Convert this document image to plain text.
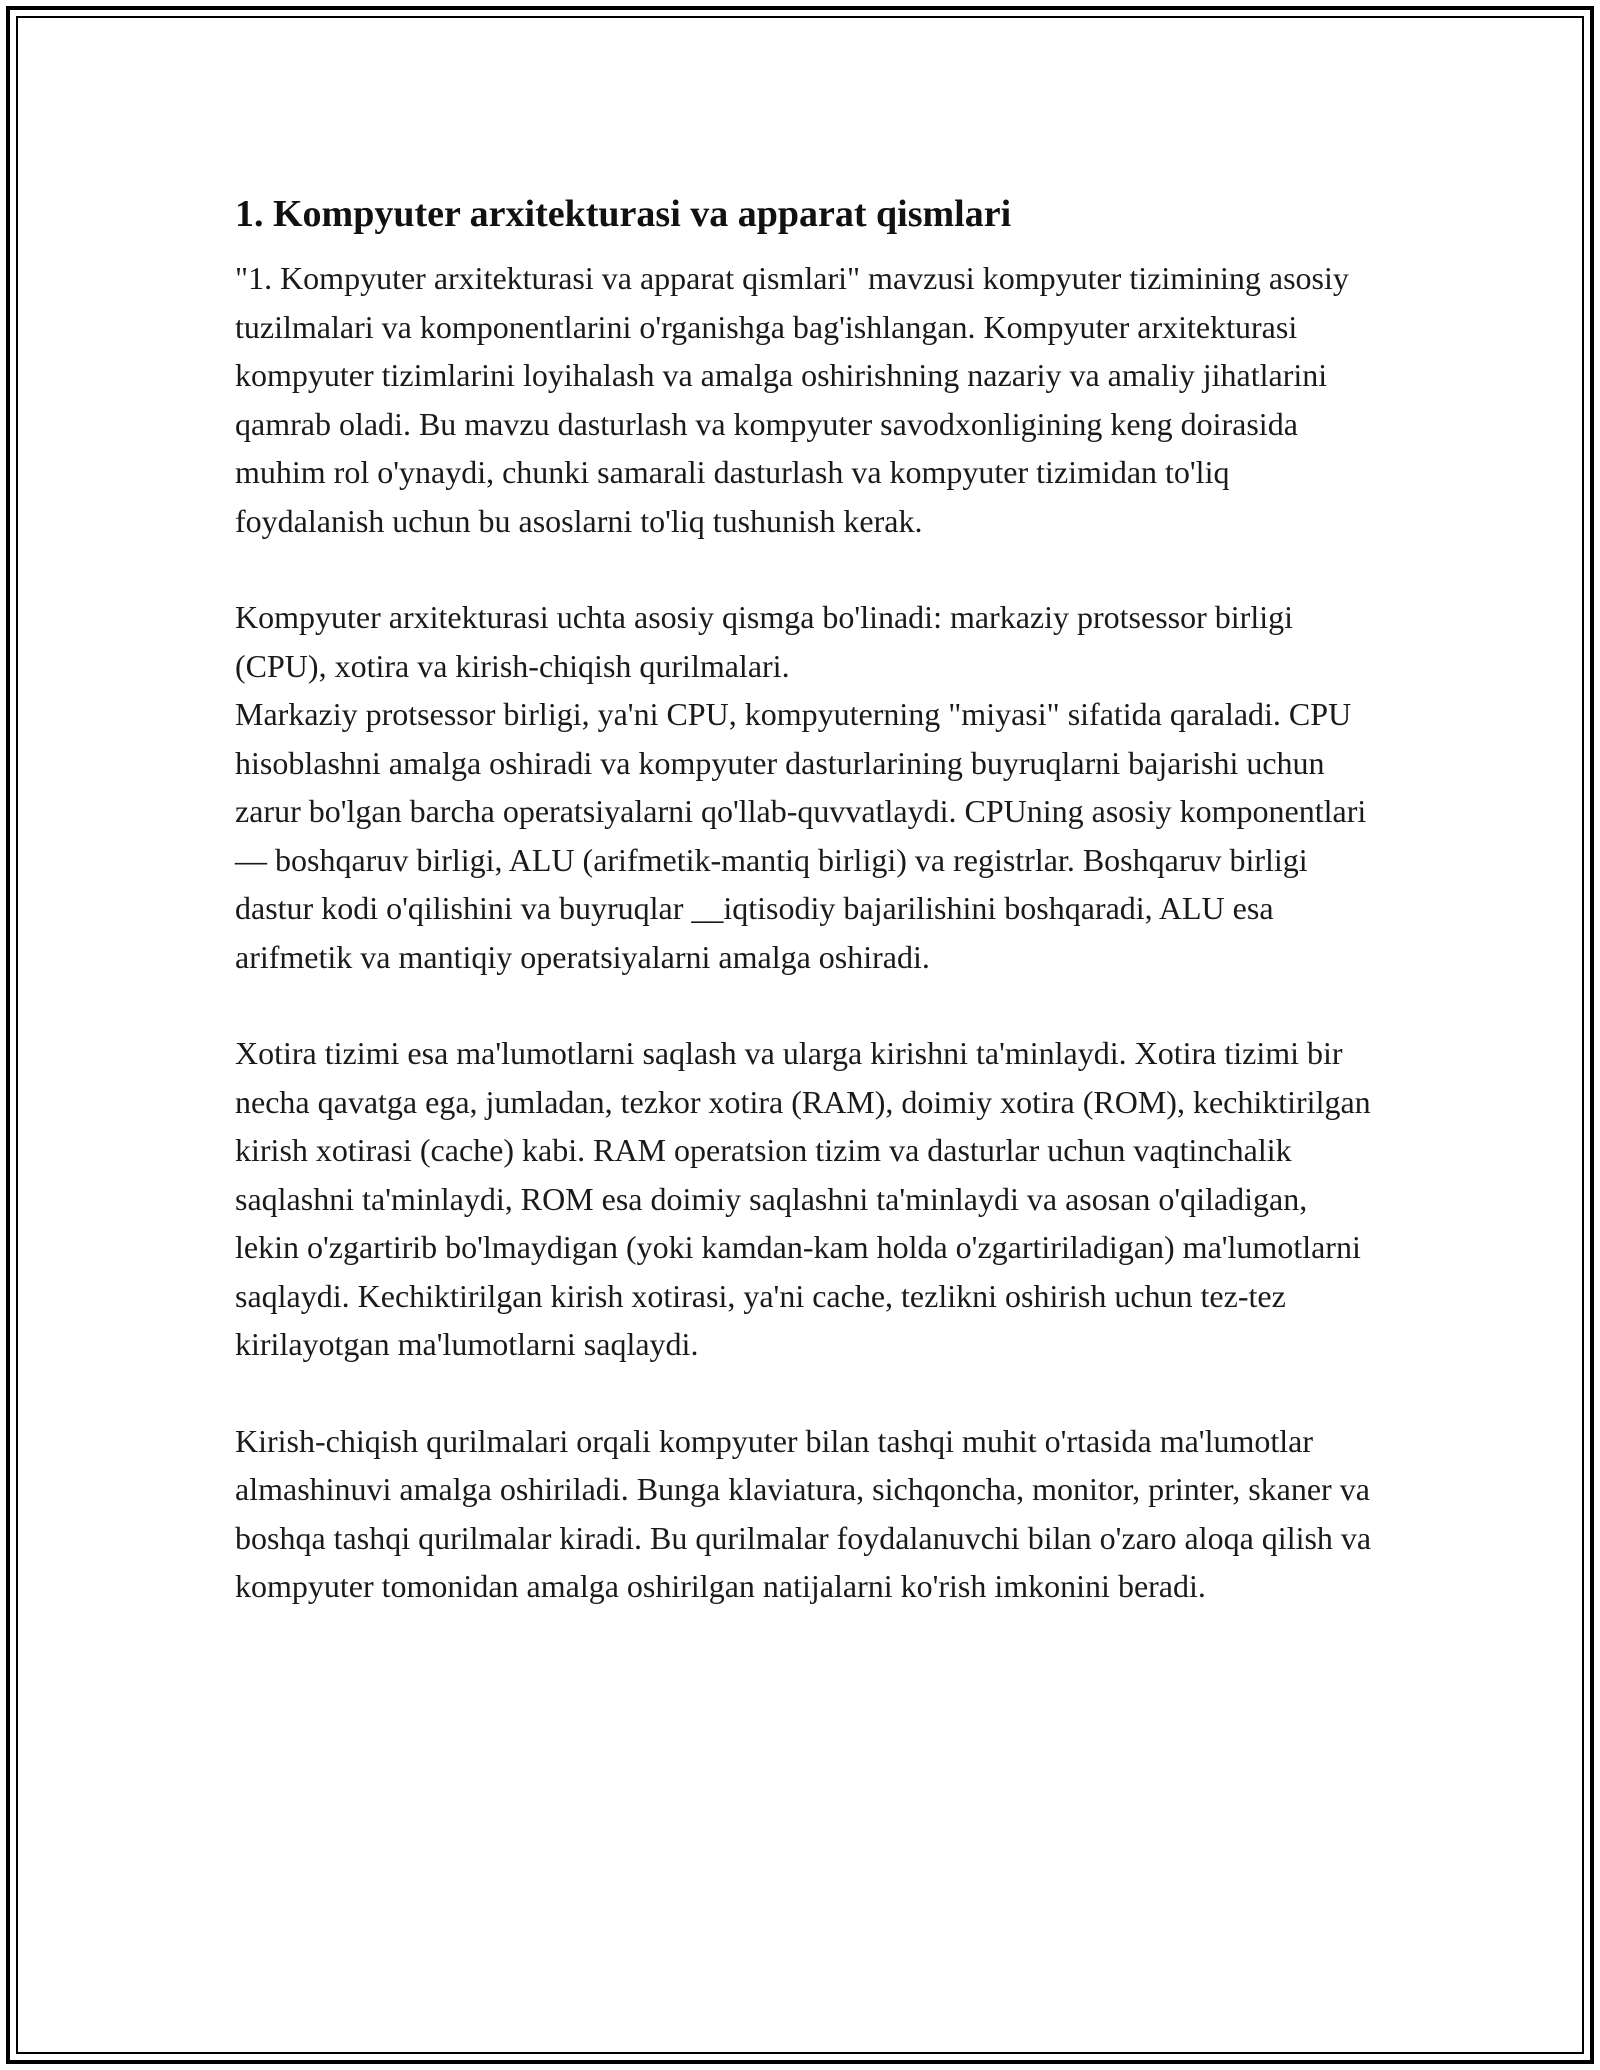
1. Kompyuter arxitekturasi va apparat qismlari

"1. Kompyuter arxitekturasi va apparat qismlari" mavzusi kompyuter tizimining asosiy tuzilmalari va komponentlarini o'rganishga bag'ishlangan. Kompyuter arxitekturasi kompyuter tizimlarini loyihalash va amalga oshirishning nazariy va amaliy jihatlarini qamrab oladi. Bu mavzu dasturlash va kompyuter savodxonligining keng doirasida muhim rol o'ynaydi, chunki samarali dasturlash va kompyuter tizimidan to'liq foydalanish uchun bu asoslarni to'liq tushunish kerak.

Kompyuter arxitekturasi uchta asosiy qismga bo'linadi: markaziy protsessor birligi (CPU), xotira va kirish-chiqish qurilmalari.

Markaziy protsessor birligi, ya'ni CPU, kompyuterning "miyasi" sifatida qaraladi. CPU hisoblashni amalga oshiradi va kompyuter dasturlarining buyruqlarni bajarishi uchun zarur bo'lgan barcha operatsiyalarni qo'llab-quvvatlaydi. CPUning asosiy komponentlari — boshqaruv birligi, ALU (arifmetik-mantiq birligi) va registrlar. Boshqaruv birligi dastur kodi o'qilishini va buyruqlar __iqtisodiy bajarilishini boshqaradi, ALU esa arifmetik va mantiqiy operatsiyalarni amalga oshiradi.

Xotira tizimi esa ma'lumotlarni saqlash va ularga kirishni ta'minlaydi. Xotira tizimi bir necha qavatga ega, jumladan, tezkor xotira (RAM), doimiy xotira (ROM), kechiktirilgan kirish xotirasi (cache) kabi. RAM operatsion tizim va dasturlar uchun vaqtinchalik saqlashni ta'minlaydi, ROM esa doimiy saqlashni ta'minlaydi va asosan o'qiladigan, lekin o'zgartirib bo'lmaydigan (yoki kamdan-kam holda o'zgartiriladigan) ma'lumotlarni saqlaydi. Kechiktirilgan kirish xotirasi, ya'ni cache, tezlikni oshirish uchun tez-tez kirilayotgan ma'lumotlarni saqlaydi.

Kirish-chiqish qurilmalari orqali kompyuter bilan tashqi muhit o'rtasida ma'lumotlar almashinuvi amalga oshiriladi. Bunga klaviatura, sichqoncha, monitor, printer, skaner va boshqa tashqi qurilmalar kiradi. Bu qurilmalar foydalanuvchi bilan o'zaro aloqa qilish va kompyuter tomonidan amalga oshirilgan natijalarni ko'rish imkonini beradi.
